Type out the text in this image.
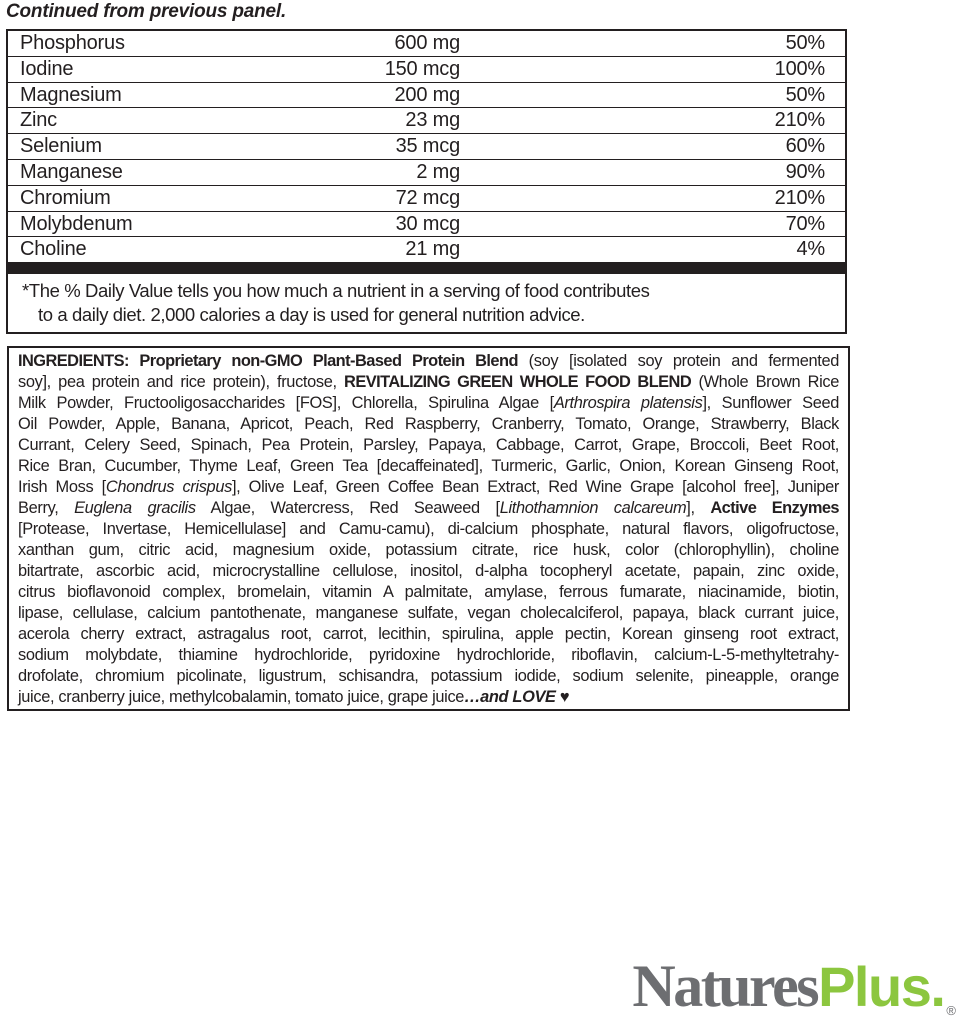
Continued from previous panel.
Phosphorus	600 mg	50%
Iodine	150 mcg	100%
Magnesium	200 mg	50%
Zinc	23 mg	210%
Selenium	35 mcg	60%
Manganese	2 mg	90%
Chromium	72 mcg	210%
Molybdenum	30 mcg	70%
Choline	21 mg	4%
*The % Daily Value tells you how much a nutrient in a serving of food contributes
to a daily diet. 2,000 calories a day is used for general nutrition advice.
INGREDIENTS: Proprietary non-GMO Plant-Based Protein Blend (soy [isolated soy protein and fermented
soy], pea protein and rice protein), fructose, REVITALIZING GREEN WHOLE FOOD BLEND (Whole Brown Rice
Milk Powder, Fructooligosaccharides [FOS], Chlorella, Spirulina Algae [Arthrospira platensis], Sunflower Seed
Oil Powder, Apple, Banana, Apricot, Peach, Red Raspberry, Cranberry, Tomato, Orange, Strawberry, Black
Currant, Celery Seed, Spinach, Pea Protein, Parsley, Papaya, Cabbage, Carrot, Grape, Broccoli, Beet Root,
Rice Bran, Cucumber, Thyme Leaf, Green Tea [decaffeinated], Turmeric, Garlic, Onion, Korean Ginseng Root,
Irish Moss [Chondrus crispus], Olive Leaf, Green Coffee Bean Extract, Red Wine Grape [alcohol free], Juniper
Berry, Euglena gracilis Algae, Watercress, Red Seaweed [Lithothamnion calcareum], Active Enzymes
[Protease, Invertase, Hemicellulase] and Camu-camu), di-calcium phosphate, natural flavors, oligofructose,
xanthan gum, citric acid, magnesium oxide, potassium citrate, rice husk, color (chlorophyllin), choline
bitartrate, ascorbic acid, microcrystalline cellulose, inositol, d-alpha tocopheryl acetate, papain, zinc oxide,
citrus bioflavonoid complex, bromelain, vitamin A palmitate, amylase, ferrous fumarate, niacinamide, biotin,
lipase, cellulase, calcium pantothenate, manganese sulfate, vegan cholecalciferol, papaya, black currant juice,
acerola cherry extract, astragalus root, carrot, lecithin, spirulina, apple pectin, Korean ginseng root extract,
sodium molybdate, thiamine hydrochloride, pyridoxine hydrochloride, riboflavin, calcium-L-5-methyltetrahy-
drofolate, chromium picolinate, ligustrum, schisandra, potassium iodide, sodium selenite, pineapple, orange
juice, cranberry juice, methylcobalamin, tomato juice, grape juice…and LOVE ♥
Natures Plus. ®
